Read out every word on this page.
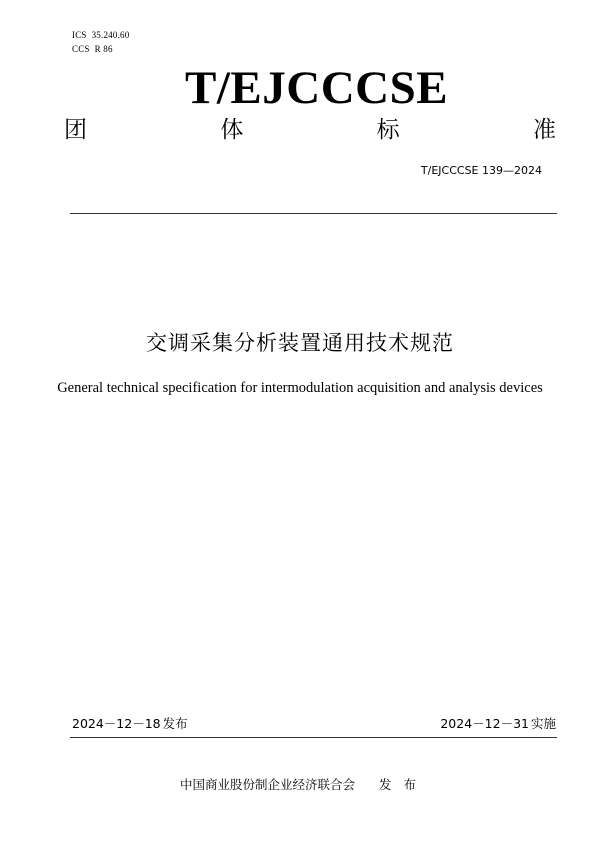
ICS 35.240.60
CCS R 86
T/EJCCCSE
团	体	标	准
T/EJCCCSE 139—2024
交调采集分析装置通用技术规范
General technical specification for intermodulation acquisition and analysis devices
2024－12－18 发布	2024－12－31 实施
中国商业股份制企业经济联合会 发 布
